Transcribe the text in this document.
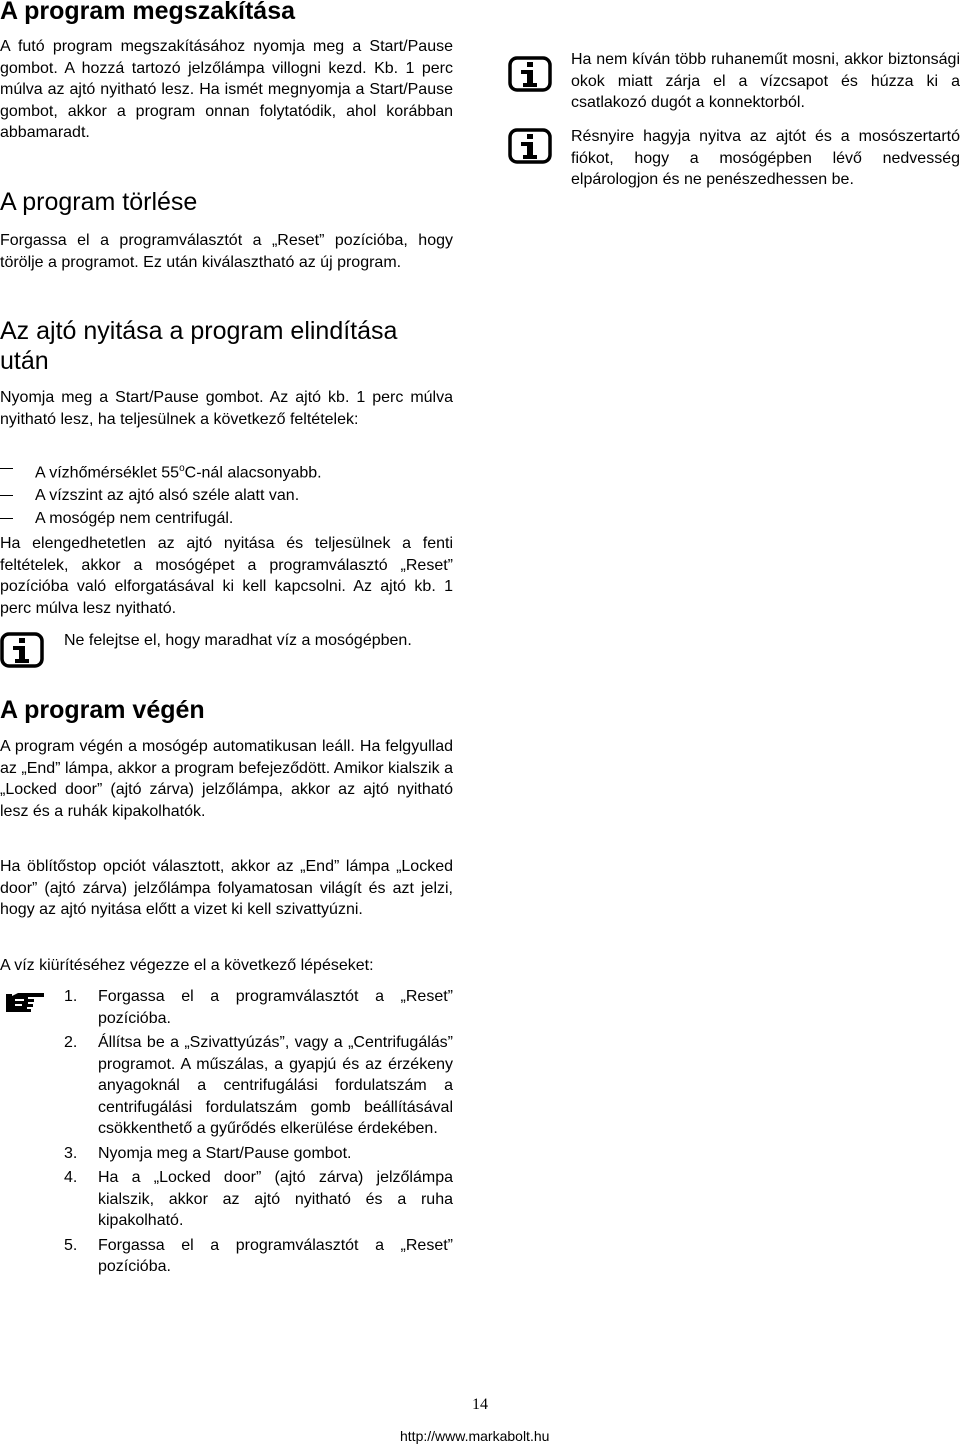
A program megszakítása

A futó program megszakításához nyomja meg a Start/Pause gombot. A hozzá tartozó jelzőlámpa villogni kezd. Kb. 1 perc múlva az ajtó nyitható lesz. Ha ismét megnyomja a Start/Pause gombot, akkor a program onnan folytatódik, ahol korábban abbamaradt.

A program törlése

Forgassa el a programválasztót a „Reset” pozícióba, hogy törölje a programot. Ez után kiválasztható az új program.

Az ajtó nyitása a program elindítása után

Nyomja meg a Start/Pause gombot. Az ajtó kb. 1 perc múlva nyitható lesz, ha teljesülnek a következő feltételek:

A vízhőmérséklet 55$^o$C-nál alacsonyabb.
A vízszint az ajtó alsó széle alatt van.
A mosógép nem centrifugál.

Ha elengedhetetlen az ajtó nyitása és teljesülnek a fenti feltételek, akkor a mosógépet a programválasztó „Reset” pozícióba való elforgatásával ki kell kapcsolni. Az ajtó kb. 1 perc múlva lesz nyitható.

Ne felejtse el, hogy maradhat víz a mosógépben.

A program végén

A program végén a mosógép automatikusan leáll. Ha felgyullad az „End” lámpa, akkor a program befejeződött. Amikor kialszik a „Locked door” (ajtó zárva) jelzőlámpa, akkor az ajtó nyitható lesz és a ruhák kipakolhatók.

Ha öblítőstop opciót választott, akkor az „End” lámpa „Locked door” (ajtó zárva) jelzőlámpa folyamatosan világít és azt jelzi, hogy az ajtó nyitása előtt a vizet ki kell szivattyúzni.

A víz kiürítéséhez végezze el a következő lépéseket:

1. Forgassa el a programválasztót a „Reset” pozícióba.
2. Állítsa be a „Szivattyúzás”, vagy a „Centrifugálás” programot. A műszálas, a gyapjú és az érzékeny anyagoknál a centrifugálási fordulatszám a centrifugálási fordulatszám gomb beállításával csökkenthető a gyűrődés elkerülése érdekében.
3. Nyomja meg a Start/Pause gombot.
4. Ha a „Locked door” (ajtó zárva) jelzőlámpa kialszik, akkor az ajtó nyitható és a ruha kipakolható.
5. Forgassa el a programválasztót a „Reset” pozícióba.

Ha nem kíván több ruhaneműt mosni, akkor biztonsági okok miatt zárja el a vízcsapot és húzza ki a csatlakozó dugót a konnektorból.

Résnyire hagyja nyitva az ajtót és a mosószertartó fiókot, hogy a mosógépben lévő nedvesség elpárologjon és ne penészedhessen be.

14
http://www.markabolt.hu
